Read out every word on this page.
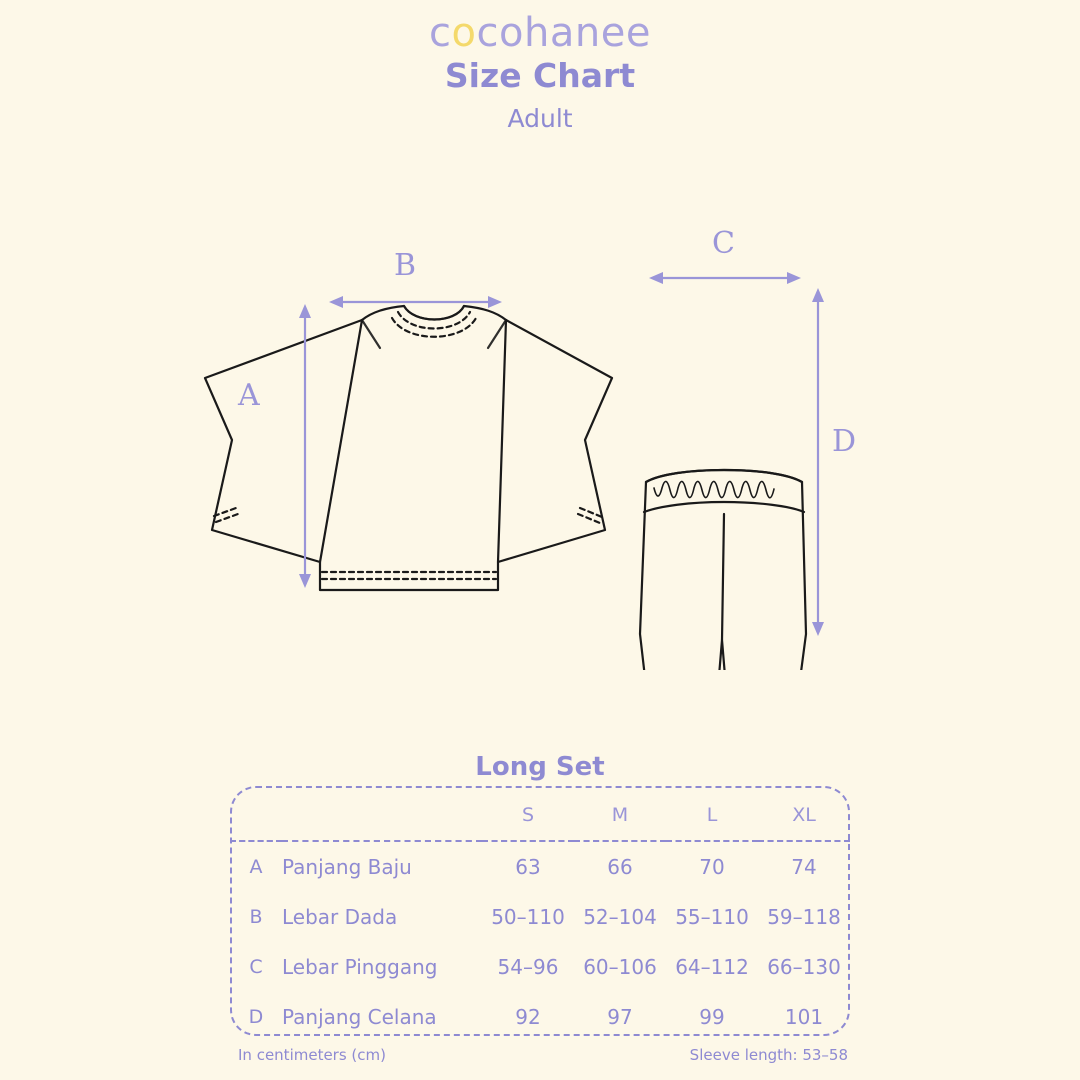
cocohanee
Size Chart
Adult
A
B
C
D
Long Set
		S	M	L	XL
A	Panjang Baju	63	66	70	74
B	Lebar Dada	50–110	52–104	55–110	59–118
C	Lebar Pinggang	54–96	60–106	64–112	66–130
D	Panjang Celana	92	97	99	101
In centimeters (cm)	Sleeve length: 53–58
